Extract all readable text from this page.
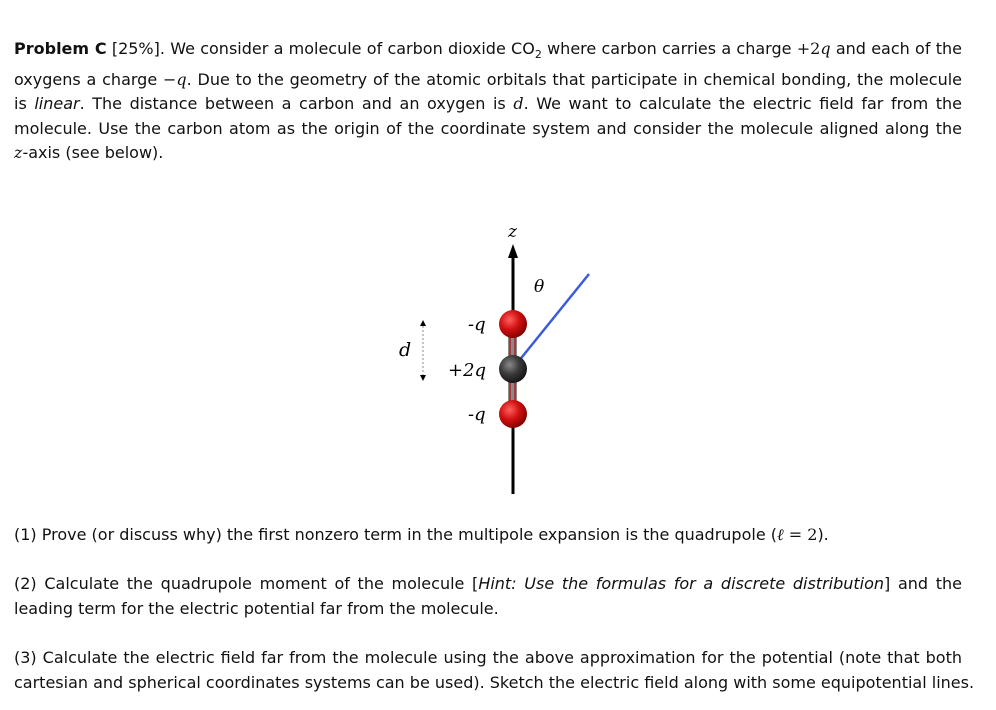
Problem C [25%]. We consider a molecule of carbon dioxide $CO_2$ where carbon carries a charge +2q and each of the
oxygens a charge −q. Due to the geometry of the atomic orbitals that participate in chemical bonding, the molecule
is linear. The distance between a carbon and an oxygen is d. We want to calculate the electric field far from the
molecule. Use the carbon atom as the origin of the coordinate system and consider the molecule aligned along the
z-axis (see below).
z
θ
-q
+2q
-q
d
(1) Prove (or discuss why) the first nonzero term in the multipole expansion is the quadrupole (ℓ = 2).
(2) Calculate the quadrupole moment of the molecule [Hint: Use the formulas for a discrete distribution] and the
leading term for the electric potential far from the molecule.
(3) Calculate the electric field far from the molecule using the above approximation for the potential (note that both
cartesian and spherical coordinates systems can be used). Sketch the electric field along with some equipotential lines.
